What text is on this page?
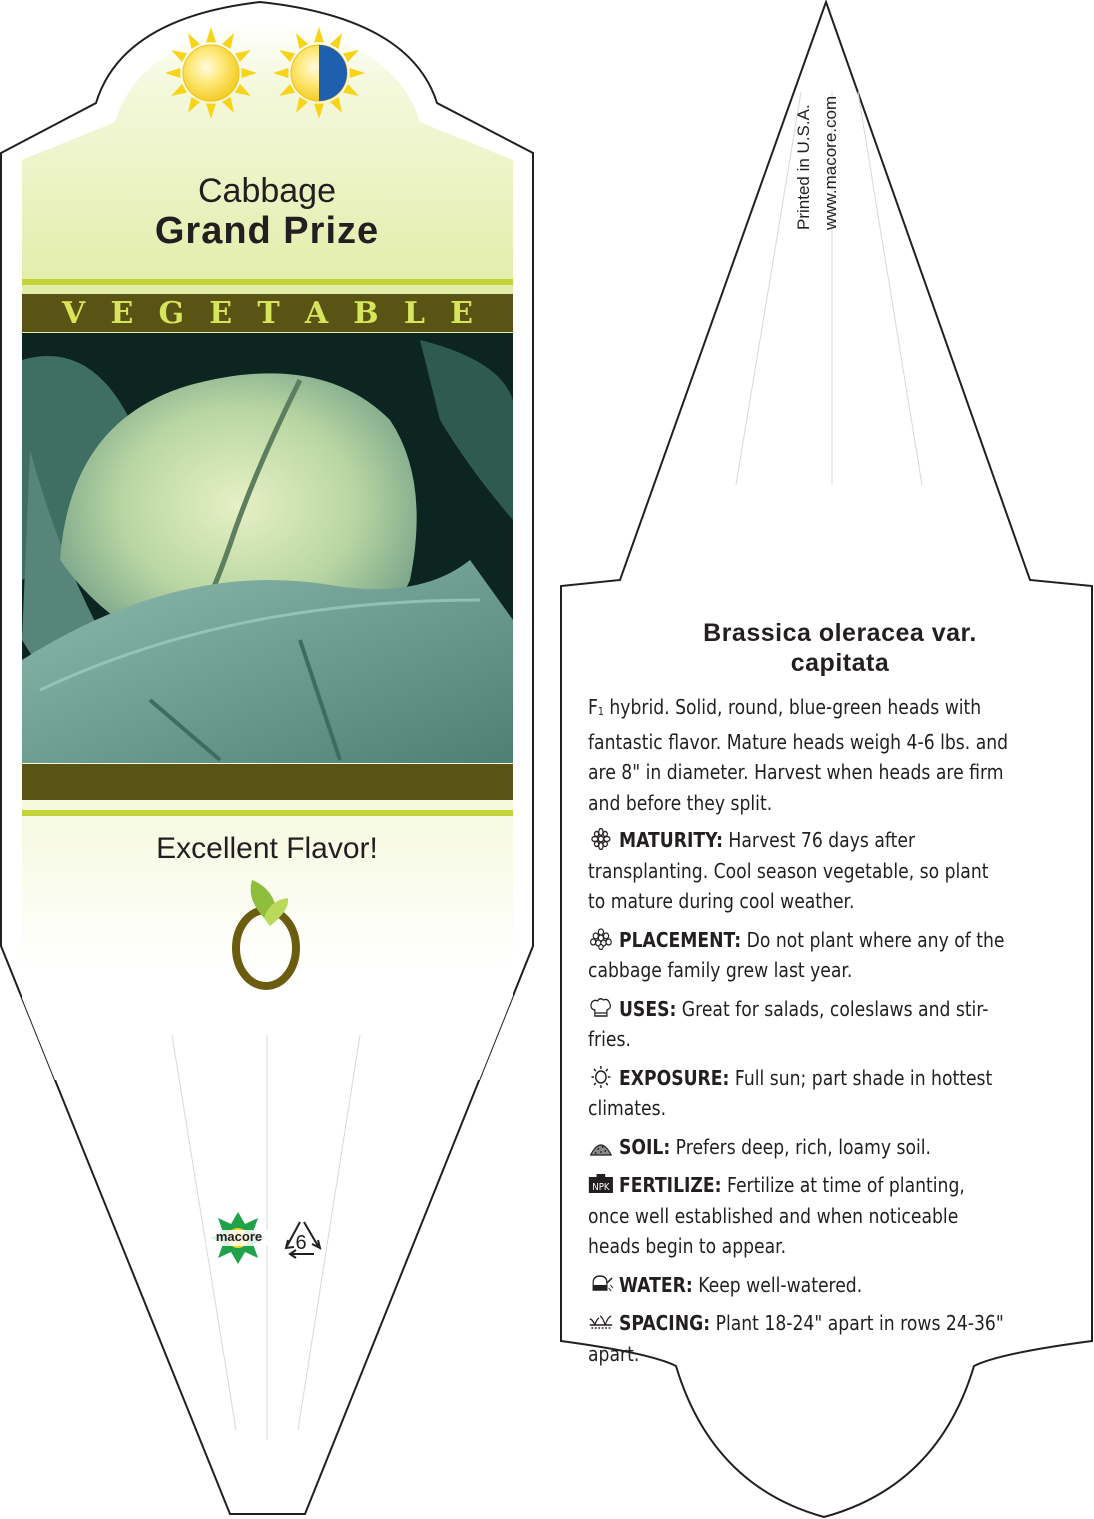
Cabbage
Grand Prize
V E G E T A B L E
Excellent Flavor!
macore	6
Printed in U.S.A. www.macore.com
Brassica oleracea var.
capitata

$F_1$ hybrid. Solid, round, blue-green heads with fantastic flavor. Mature heads weigh 4-6 lbs. and are 8" in diameter. Harvest when heads are firm and before they split.

MATURITY: Harvest 76 days after transplanting. Cool season vegetable, so plant to mature during cool weather.

PLACEMENT: Do not plant where any of the cabbage family grew last year.

USES: Great for salads, coleslaws and stir-fries.

EXPOSURE: Full sun; part shade in hottest climates.

SOIL: Prefers deep, rich, loamy soil.

NPK FERTILIZE: Fertilize at time of planting, once well established and when noticeable heads begin to appear.

WATER: Keep well-watered.

SPACING: Plant 18-24" apart in rows 24-36" apart.
